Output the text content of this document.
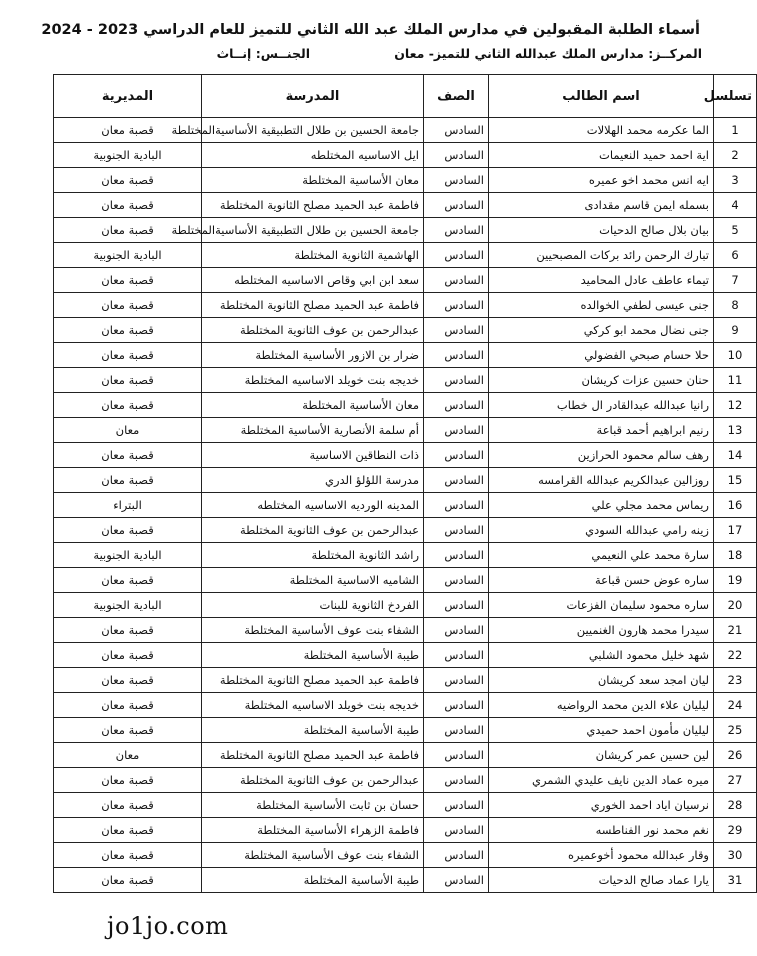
أسماء الطلبة المقبولين في مدارس الملك عبد الله الثاني للتميز للعام الدراسي 2023 - 2024
المركــز: مدارس الملك عبدالله الثاني للتميز- معان
الجنــس: إنــاث
تسلسل	اسم الطالب	الصف	المدرسة	المديرية
1	الما عكرمه محمد الهلالات	السادس	جامعة الحسين بن طلال التطبيقية الأساسيةالمختلطة	قصبة معان
2	اية احمد حميد النعيمات	السادس	ايل الاساسيه المختلطه	البادية الجنوبية
3	ايه انس محمد اخو عميره	السادس	معان الأساسية المختلطة	قصبة معان
4	بسمله ايمن قاسم مقدادى	السادس	فاطمة عبد الحميد مصلح الثانوية المختلطة	قصبة معان
5	بيان بلال صالح الدحيات	السادس	جامعة الحسين بن طلال التطبيقية الأساسيةالمختلطة	قصبة معان
6	تبارك الرحمن رائد بركات المصبحيين	السادس	الهاشمية الثانوية المختلطة	البادية الجنوبية
7	تيماء عاطف عادل المحاميد	السادس	سعد ابن ابي وقاص الاساسيه المختلطه	قصبة معان
8	جنى عيسى لطفي الخوالده	السادس	فاطمة عبد الحميد مصلح الثانوية المختلطة	قصبة معان
9	جنى نضال محمد ابو كركي	السادس	عبدالرحمن بن عوف الثانوية المختلطة	قصبة معان
10	حلا حسام صبحي الفضولي	السادس	ضرار بن الازور الأساسية المختلطة	قصبة معان
11	حنان حسين عزات كريشان	السادس	خديجه بنت خويلد الاساسيه المختلطة	قصبة معان
12	رانيا عبدالله عبدالقادر ال خطاب	السادس	معان الأساسية المختلطة	قصبة معان
13	رنيم ابراهيم أحمد قباعة	السادس	أم سلمة الأنصارية الأساسية المختلطة	معان
14	رهف سالم محمود الحرازين	السادس	ذات النطاقين الاساسية	قصبة معان
15	روزالين عبدالكريم عبدالله القرامسه	السادس	مدرسة اللؤلؤ الدري	قصبة معان
16	ريماس محمد مجلي علي	السادس	المدينه الورديه الاساسيه المختلطه	البتراء
17	زينه رامي عبدالله السودي	السادس	عبدالرحمن بن عوف الثانوية المختلطة	قصبة معان
18	سارة محمد علي النعيمي	السادس	راشد الثانوية المختلطة	البادية الجنوبية
19	ساره عوض حسن قباعة	السادس	الشاميه الاساسية المختلطة	قصبة معان
20	ساره محمود سليمان الفزعات	السادس	الفردخ الثانوية للبنات	البادية الجنوبية
21	سيدرا محمد هارون الغنميين	السادس	الشفاء بنت عوف الأساسية المختلطة	قصبة معان
22	شهد خليل محمود الشلبي	السادس	طيبة الأساسية المختلطة	قصبة معان
23	ليان امجد سعد كريشان	السادس	فاطمة عبد الحميد مصلح الثانوية المختلطة	قصبة معان
24	ليليان علاء الدين محمد الرواضيه	السادس	خديجه بنت خويلد الاساسيه المختلطة	قصبة معان
25	ليليان مأمون احمد حميدي	السادس	طيبة الأساسية المختلطة	قصبة معان
26	لين حسين عمر كريشان	السادس	فاطمة عبد الحميد مصلح الثانوية المختلطة	معان
27	ميره عماد الدين نايف عليدي الشمري	السادس	عبدالرحمن بن عوف الثانوية المختلطة	قصبة معان
28	نرسيان اياد احمد الخوري	السادس	حسان بن ثابت الأساسية المختلطة	قصبة معان
29	نغم محمد نور الفناطسه	السادس	فاطمة الزهراء الأساسية المختلطة	قصبة معان
30	وقار عبدالله محمود أخوعميره	السادس	الشفاء بنت عوف الأساسية المختلطة	قصبة معان
31	يارا عماد صالح الدحيات	السادس	طيبة الأساسية المختلطة	قصبة معان
jo1jo.com
